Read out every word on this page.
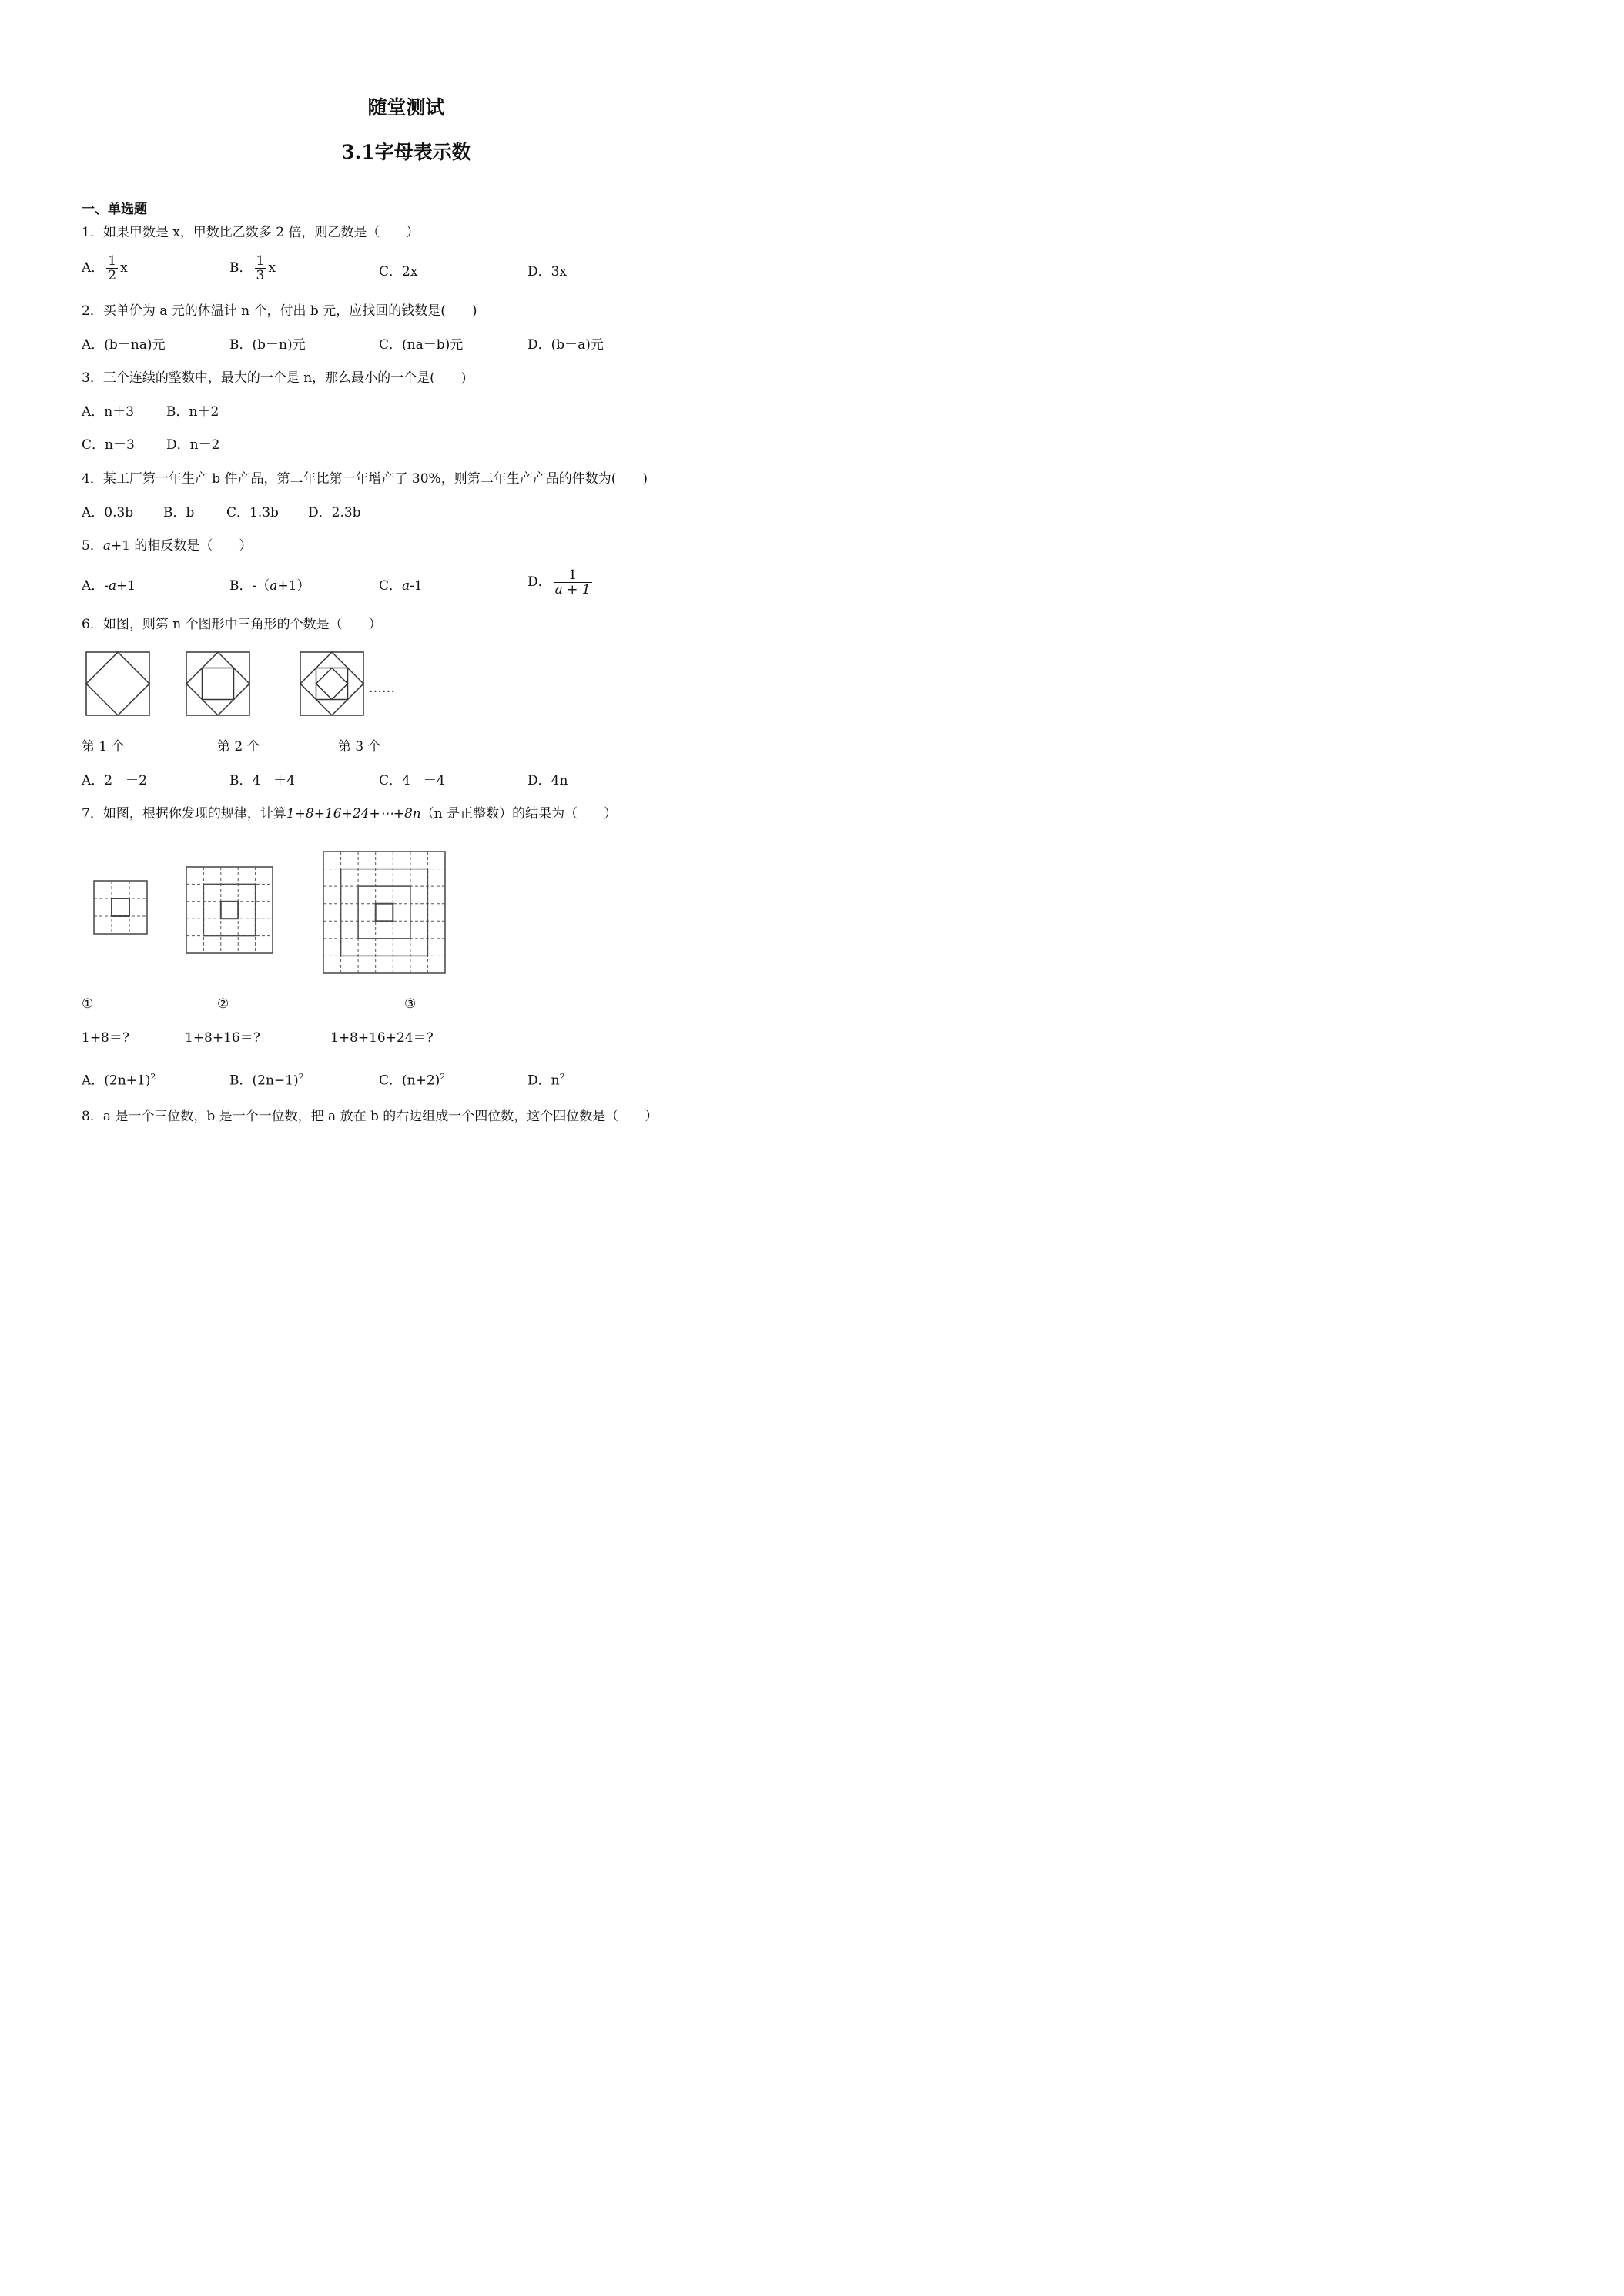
随堂测试
3.1字母表示数
一、单选题
1．如果甲数是 x，甲数比乙数多 2 倍，则乙数是（　　）
A． $\frac{1}{2}$ x	B． $\frac{1}{3}$ x	C．2x	D．3x
2．买单价为 a 元的体温计 n 个，付出 b 元，应找回的钱数是(　　)
A．(b－na)元	B．(b－n)元	C．(na－b)元	D．(b－a)元
3．三个连续的整数中，最大的一个是 n，那么最小的一个是(　　)
A．n＋3 B．n＋2
C．n－3 D．n－2
4．某工厂第一年生产 b 件产品，第二年比第一年增产了 30%，则第二年生产产品的件数为(　　)
A．0.3b B．b C．1.3b D．2.3b
5．a+1 的相反数是（　　）
A．-a+1	B．-（a+1）	C．a-1	D． $\frac{1}{a + 1}$
6．如图，则第 n 个图形中三角形的个数是（　　）
……
第 1 个	第 2 个	第 3 个
A．2　＋2	B．4　＋4	C．4　－4	D．4n
7．如图，根据你发现的规律，计算1+8+16+24+⋯+8n（n 是正整数）的结果为（　　）
①	②	③
1+8＝?	1+8+16＝?	1+8+16+24＝?
A．$(2n+1)^2$	B．$(2n-1)^2$	C．$(n+2)^2$	D．$n^2$
8．a 是一个三位数，b 是一个一位数，把 a 放在 b 的右边组成一个四位数，这个四位数是（　　）
